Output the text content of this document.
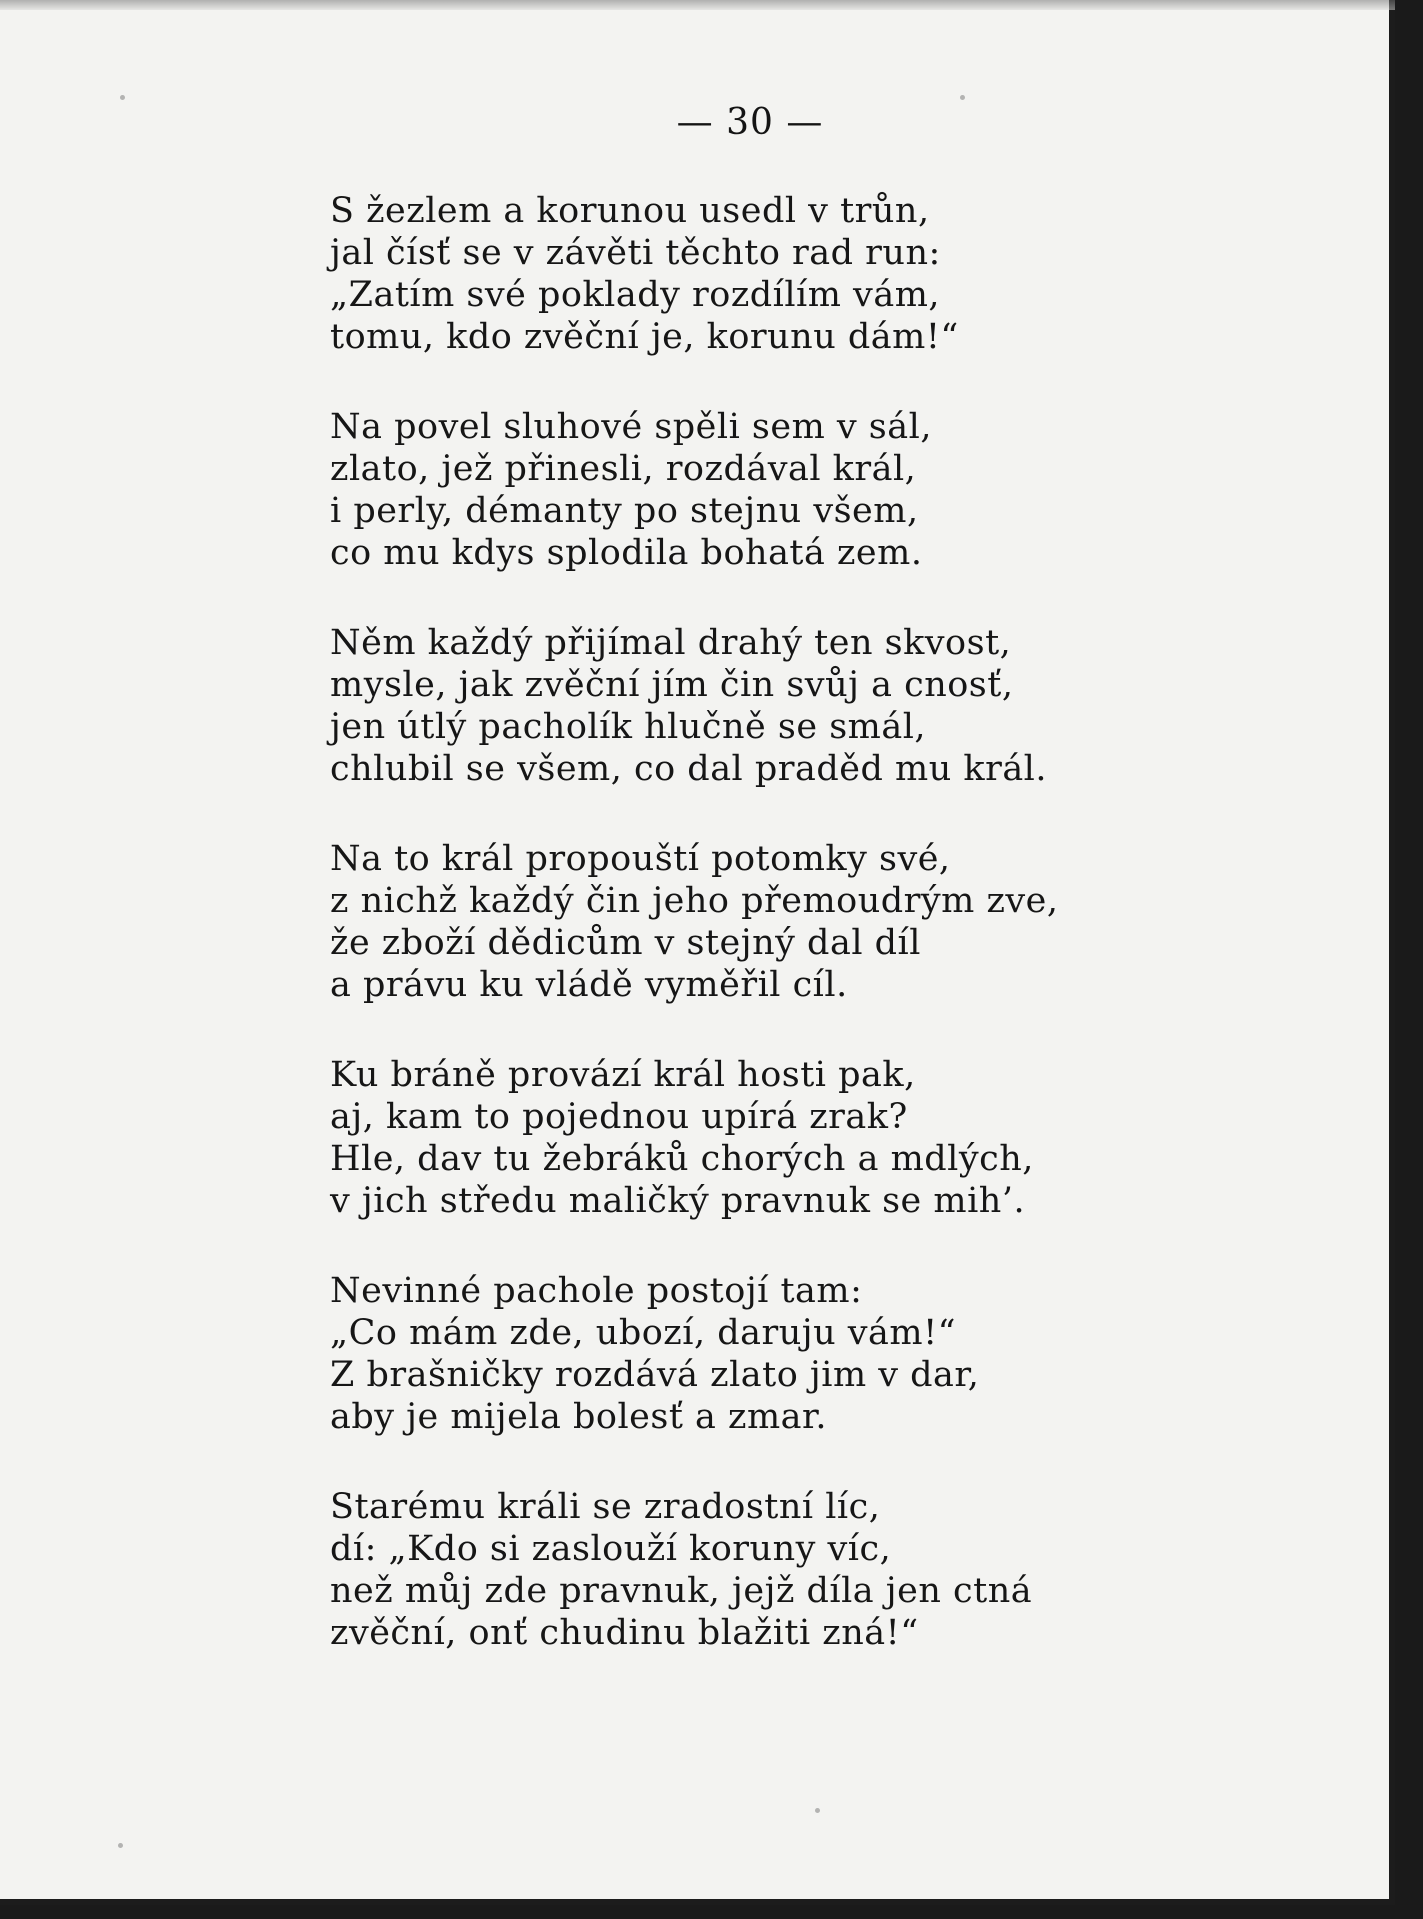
— 30 —
S žezlem a korunou usedl v trůn,
jal čísť se v závěti těchto rad run:
„Zatím své poklady rozdílím vám,
tomu, kdo zvěční je, korunu dám!“
Na povel sluhové spěli sem v sál,
zlato, jež přinesli, rozdával král,
i perly, démanty po stejnu všem,
co mu kdys splodila bohatá zem.
Něm každý přijímal drahý ten skvost,
mysle, jak zvěční jím čin svůj a cnosť,
jen útlý pacholík hlučně se smál,
chlubil se všem, co dal praděd mu král.
Na to král propouští potomky své,
z nichž každý čin jeho přemoudrým zve,
že zboží dědicům v stejný dal díl
a právu ku vládě vyměřil cíl.
Ku bráně provází král hosti pak,
aj, kam to pojednou upírá zrak?
Hle, dav tu žebráků chorých a mdlých,
v jich středu maličký pravnuk se mih’.
Nevinné pachole postojí tam:
„Co mám zde, ubozí, daruju vám!“
Z brašničky rozdává zlato jim v dar,
aby je mijela bolesť a zmar.
Starému králi se zradostní líc,
dí: „Kdo si zaslouží koruny víc,
než můj zde pravnuk, jejž díla jen ctná
zvěční, onť chudinu blažiti zná!“
